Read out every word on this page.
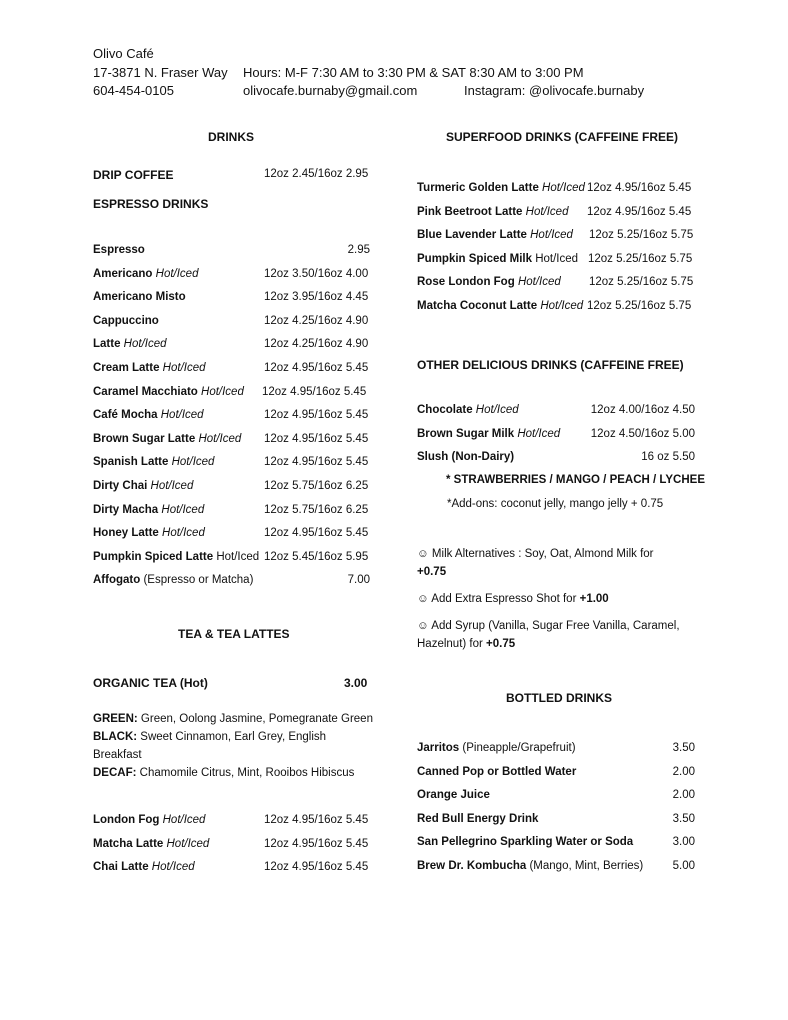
Olivo Café
17-3871 N. Fraser Way Hours: M-F 7:30 AM to 3:30 PM & SAT 8:30 AM to 3:00 PM
604-454-0105	olivocafe.burnaby@gmail.com	Instagram: @olivocafe.burnaby
DRINKS
DRIP COFFEE	12oz 2.45/16oz 2.95
ESPRESSO DRINKS
Espresso	2.95
Americano Hot/Iced	12oz 3.50/16oz 4.00
Americano Misto	12oz 3.95/16oz 4.45
Cappuccino	12oz 4.25/16oz 4.90
Latte Hot/Iced	12oz 4.25/16oz 4.90
Cream Latte Hot/Iced	12oz 4.95/16oz 5.45
Caramel Macchiato Hot/Iced 12oz 4.95/16oz 5.45
Café Mocha Hot/Iced	12oz 4.95/16oz 5.45
Brown Sugar Latte Hot/Iced 12oz 4.95/16oz 5.45
Spanish Latte Hot/Iced	12oz 4.95/16oz 5.45
Dirty Chai Hot/Iced	12oz 5.75/16oz 6.25
Dirty Macha Hot/Iced	12oz 5.75/16oz 6.25
Honey Latte Hot/Iced	12oz 4.95/16oz 5.45
Pumpkin Spiced Latte Hot/Iced 12oz 5.45/16oz 5.95
Affogato (Espresso or Matcha)	7.00
TEA & TEA LATTES
ORGANIC TEA (Hot)	3.00
GREEN: Green, Oolong Jasmine, Pomegranate Green
BLACK: Sweet Cinnamon, Earl Grey, English
Breakfast
DECAF: Chamomile Citrus, Mint, Rooibos Hibiscus
London Fog Hot/Iced	12oz 4.95/16oz 5.45
Matcha Latte Hot/Iced	12oz 4.95/16oz 5.45
Chai Latte Hot/Iced	12oz 4.95/16oz 5.45
SUPERFOOD DRINKS (CAFFEINE FREE)
Turmeric Golden Latte Hot/Iced 12oz 4.95/16oz 5.45
Pink Beetroot Latte Hot/Iced 12oz 4.95/16oz 5.45
Blue Lavender Latte Hot/Iced 12oz 5.25/16oz 5.75
Pumpkin Spiced Milk Hot/Iced 12oz 5.25/16oz 5.75
Rose London Fog Hot/Iced 12oz 5.25/16oz 5.75
Matcha Coconut Latte Hot/Iced 12oz 5.25/16oz 5.75
OTHER DELICIOUS DRINKS (CAFFEINE FREE)
Chocolate Hot/Iced	12oz 4.00/16oz 4.50
Brown Sugar Milk Hot/Iced	12oz 4.50/16oz 5.00
Slush (Non-Dairy)	16 oz 5.50
* STRAWBERRIES / MANGO / PEACH / LYCHEE
*Add-ons: coconut jelly, mango jelly + 0.75
☺ Milk Alternatives : Soy, Oat, Almond Milk for
+0.75
☺ Add Extra Espresso Shot for +1.00
☺ Add Syrup (Vanilla, Sugar Free Vanilla, Caramel,
Hazelnut) for +0.75
BOTTLED DRINKS
Jarritos (Pineapple/Grapefruit)	3.50
Canned Pop or Bottled Water	2.00
Orange Juice	2.00
Red Bull Energy Drink	3.50
San Pellegrino Sparkling Water or Soda	3.00
Brew Dr. Kombucha (Mango, Mint, Berries)	5.00
